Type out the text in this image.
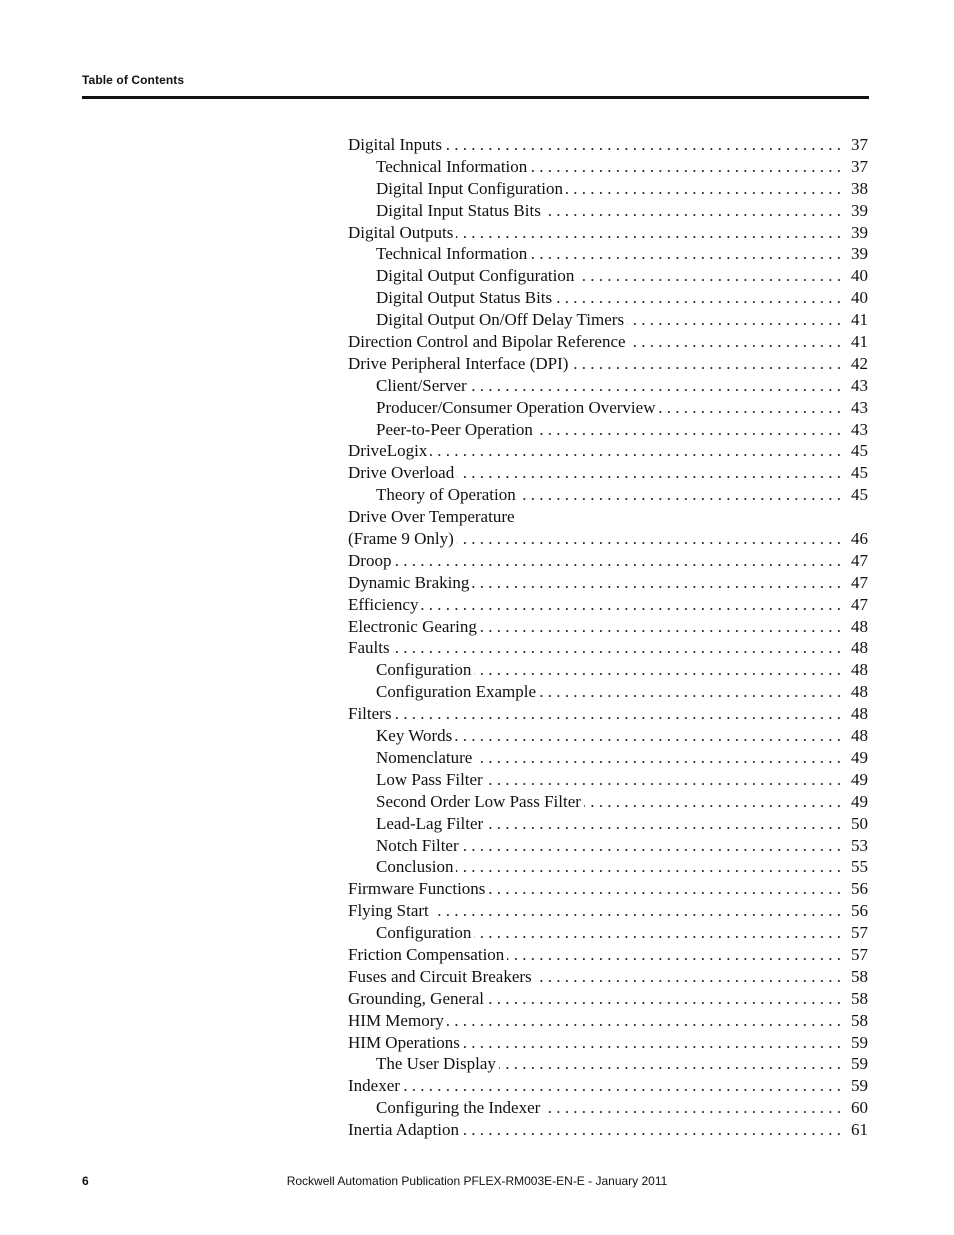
Table of Contents
Digital Inputs . . .	37
Technical Information . . .	37
Digital Input Configuration . . .	38
Digital Input Status Bits . . .	39
Digital Outputs . . .	39
Technical Information . . .	39
Digital Output Configuration . . .	40
Digital Output Status Bits . . .	40
Digital Output On/Off Delay Timers . . .	41
Direction Control and Bipolar Reference . . .	41
Drive Peripheral Interface (DPI) . . .	42
Client/Server . . .	43
Producer/Consumer Operation Overview . . .	43
Peer-to-Peer Operation . . .	43
DriveLogix . . .	45
Drive Overload . . .	45
Theory of Operation . . .	45
Drive Over Temperature
(Frame 9 Only) . . .	46
Droop . . .	47
Dynamic Braking . . .	47
Efficiency . . .	47
Electronic Gearing . . .	48
Faults . . .	48
Configuration . . .	48
Configuration Example . . .	48
Filters . . .	48
Key Words . . .	48
Nomenclature . . .	49
Low Pass Filter . . .	49
Second Order Low Pass Filter . . .	49
Lead-Lag Filter . . .	50
Notch Filter . . .	53
Conclusion . . .	55
Firmware Functions . . .	56
Flying Start . . .	56
Configuration . . .	57
Friction Compensation . . .	57
Fuses and Circuit Breakers . . .	58
Grounding, General . . .	58
HIM Memory . . .	58
HIM Operations . . .	59
The User Display . . .	59
Indexer . . .	59
Configuring the Indexer . . .	60
Inertia Adaption . . .	61
6	Rockwell Automation Publication PFLEX-RM003E-EN-E - January 2011
